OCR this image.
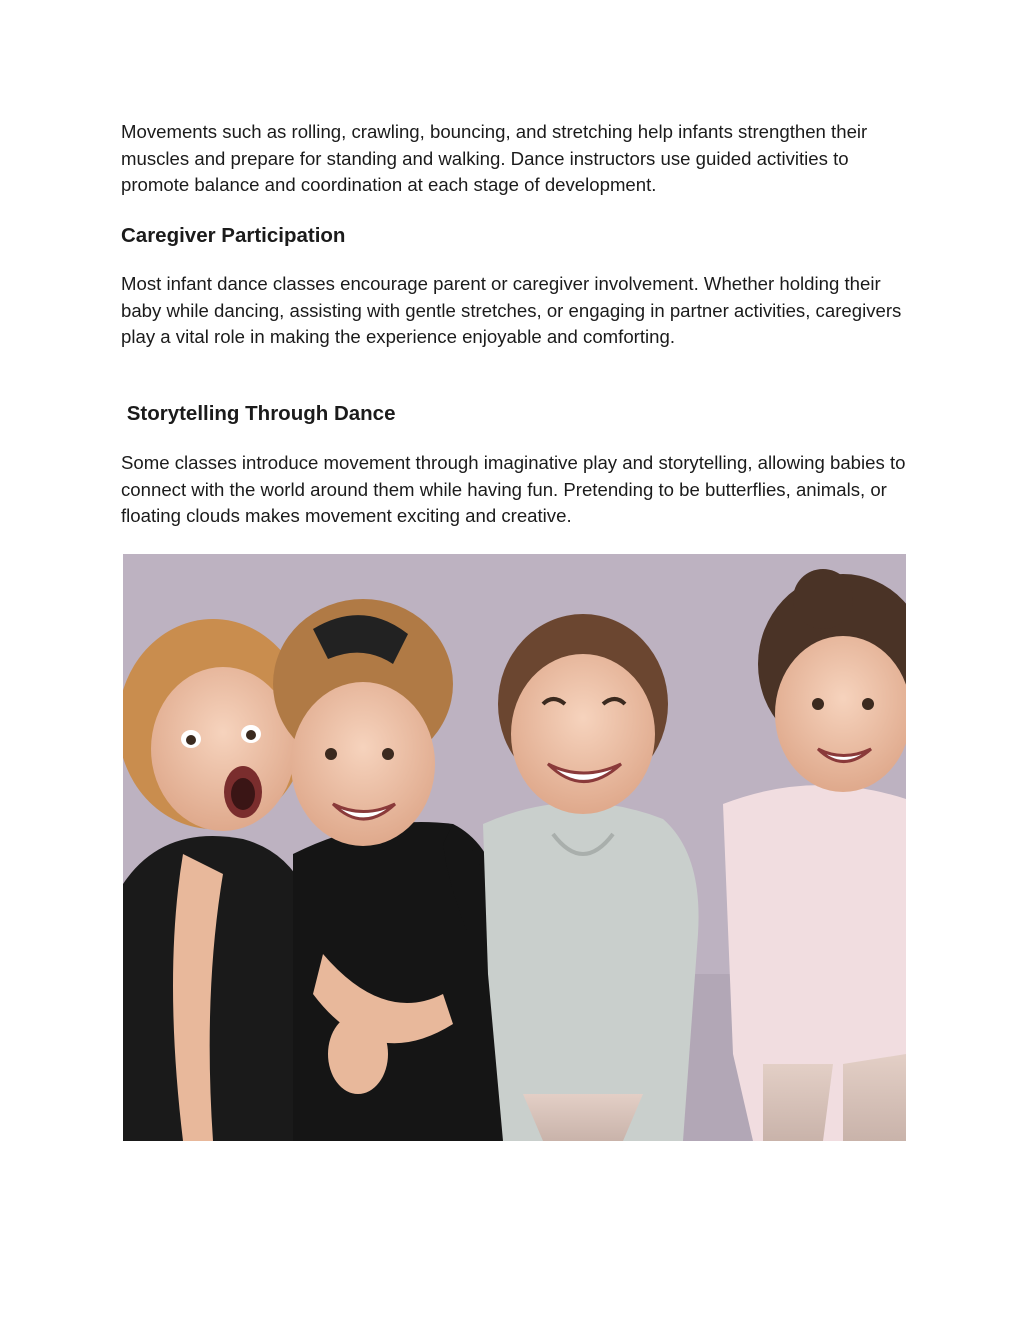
Movements such as rolling, crawling, bouncing, and stretching help infants strengthen their muscles and prepare for standing and walking. Dance instructors use guided activities to promote balance and coordination at each stage of development.

Caregiver Participation

Most infant dance classes encourage parent or caregiver involvement. Whether holding their baby while dancing, assisting with gentle stretches, or engaging in partner activities, caregivers play a vital role in making the experience enjoyable and comforting.

Storytelling Through Dance

Some classes introduce movement through imaginative play and storytelling, allowing babies to connect with the world around them while having fun. Pretending to be butterflies, animals, or floating clouds makes movement exciting and creative.
